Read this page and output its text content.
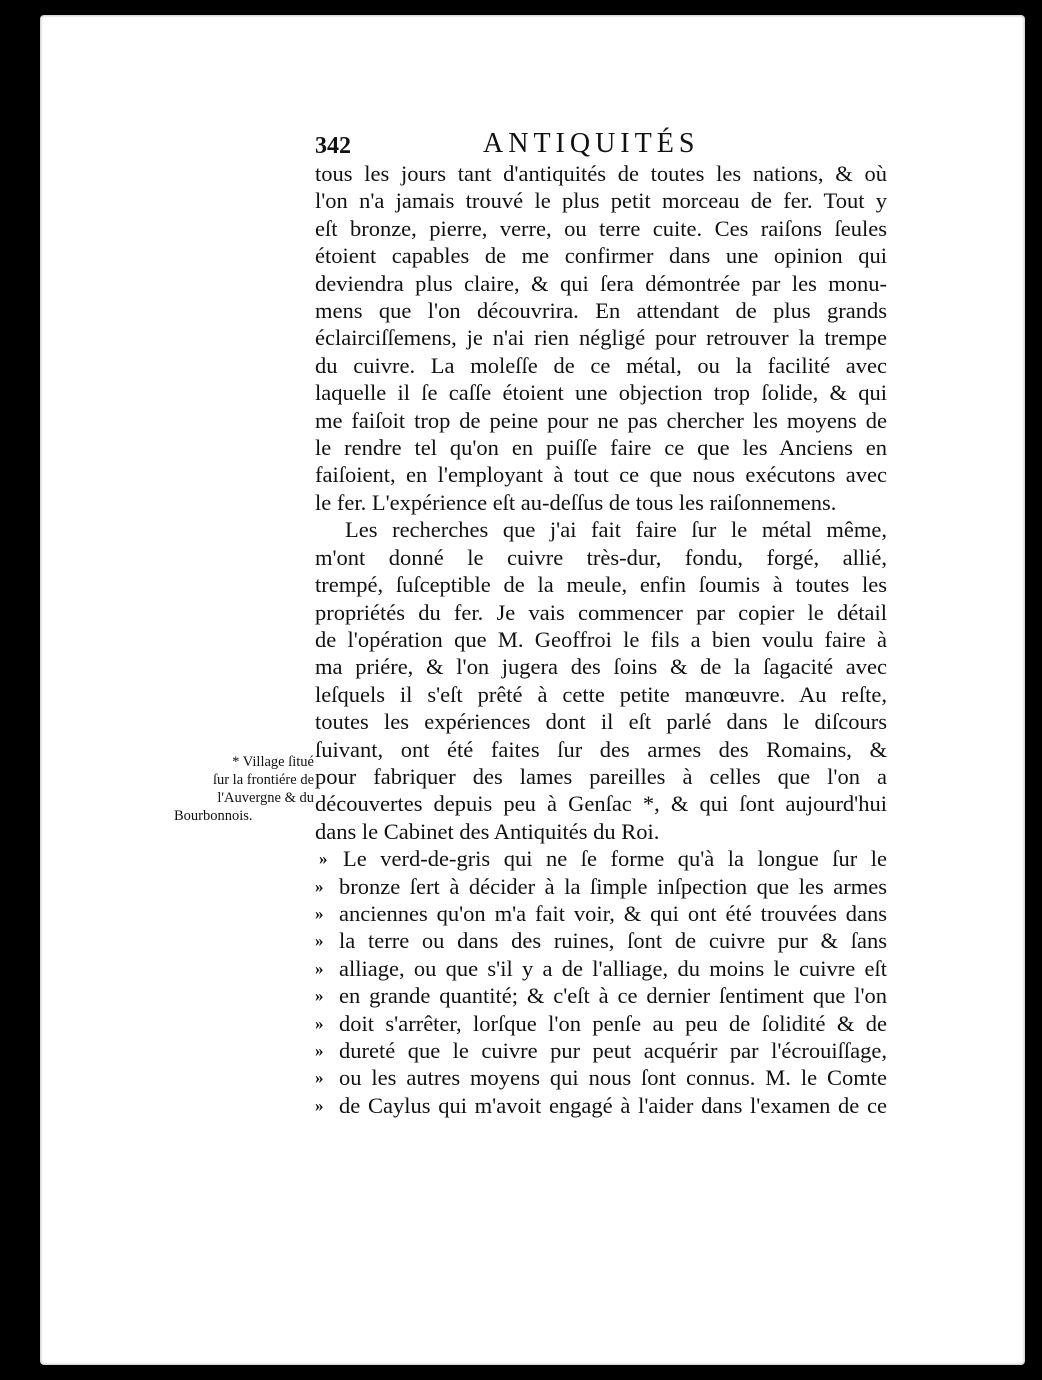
342	ANTIQUITÉS
tous les jours tant d'antiquités de toutes les nations, & où
l'on n'a jamais trouvé le plus petit morceau de fer. Tout y
eſt bronze, pierre, verre, ou terre cuite. Ces raiſons ſeules
étoient capables de me confirmer dans une opinion qui
deviendra plus claire, & qui ſera démontrée par les monu-
mens que l'on découvrira. En attendant de plus grands
éclairciſſemens, je n'ai rien négligé pour retrouver la trempe
du cuivre. La moleſſe de ce métal, ou la facilité avec
laquelle il ſe caſſe étoient une objection trop ſolide, & qui
me faiſoit trop de peine pour ne pas chercher les moyens de
le rendre tel qu'on en puiſſe faire ce que les Anciens en
faiſoient, en l'employant à tout ce que nous exécutons avec
le fer. L'expérience eſt au-deſſus de tous les raiſonnemens.
Les recherches que j'ai fait faire ſur le métal même,
m'ont donné le cuivre très-dur, fondu, forgé, allié,
trempé, ſuſceptible de la meule, enfin ſoumis à toutes les
propriétés du fer. Je vais commencer par copier le détail
de l'opération que M. Geoffroi le fils a bien voulu faire à
ma priére, & l'on jugera des ſoins & de la ſagacité avec
leſquels il s'eſt prêté à cette petite manœuvre. Au reſte,
toutes les expériences dont il eſt parlé dans le diſcours
ſuivant, ont été faites ſur des armes des Romains, &
pour fabriquer des lames pareilles à celles que l'on a
découvertes depuis peu à Genſac *, & qui ſont aujourd'hui
dans le Cabinet des Antiquités du Roi.
» Le verd-de-gris qui ne ſe forme qu'à la longue ſur le
» bronze ſert à décider à la ſimple inſpection que les armes
» anciennes qu'on m'a fait voir, & qui ont été trouvées dans
» la terre ou dans des ruines, ſont de cuivre pur & ſans
» alliage, ou que s'il y a de l'alliage, du moins le cuivre eſt
» en grande quantité; & c'eſt à ce dernier ſentiment que l'on
» doit s'arrêter, lorſque l'on penſe au peu de ſolidité & de
» dureté que le cuivre pur peut acquérir par l'écrouiſſage,
» ou les autres moyens qui nous ſont connus. M. le Comte
» de Caylus qui m'avoit engagé à l'aider dans l'examen de ce
* Village ſitué
ſur la frontiére de
l'Auvergne & du
Bourbonnois.
